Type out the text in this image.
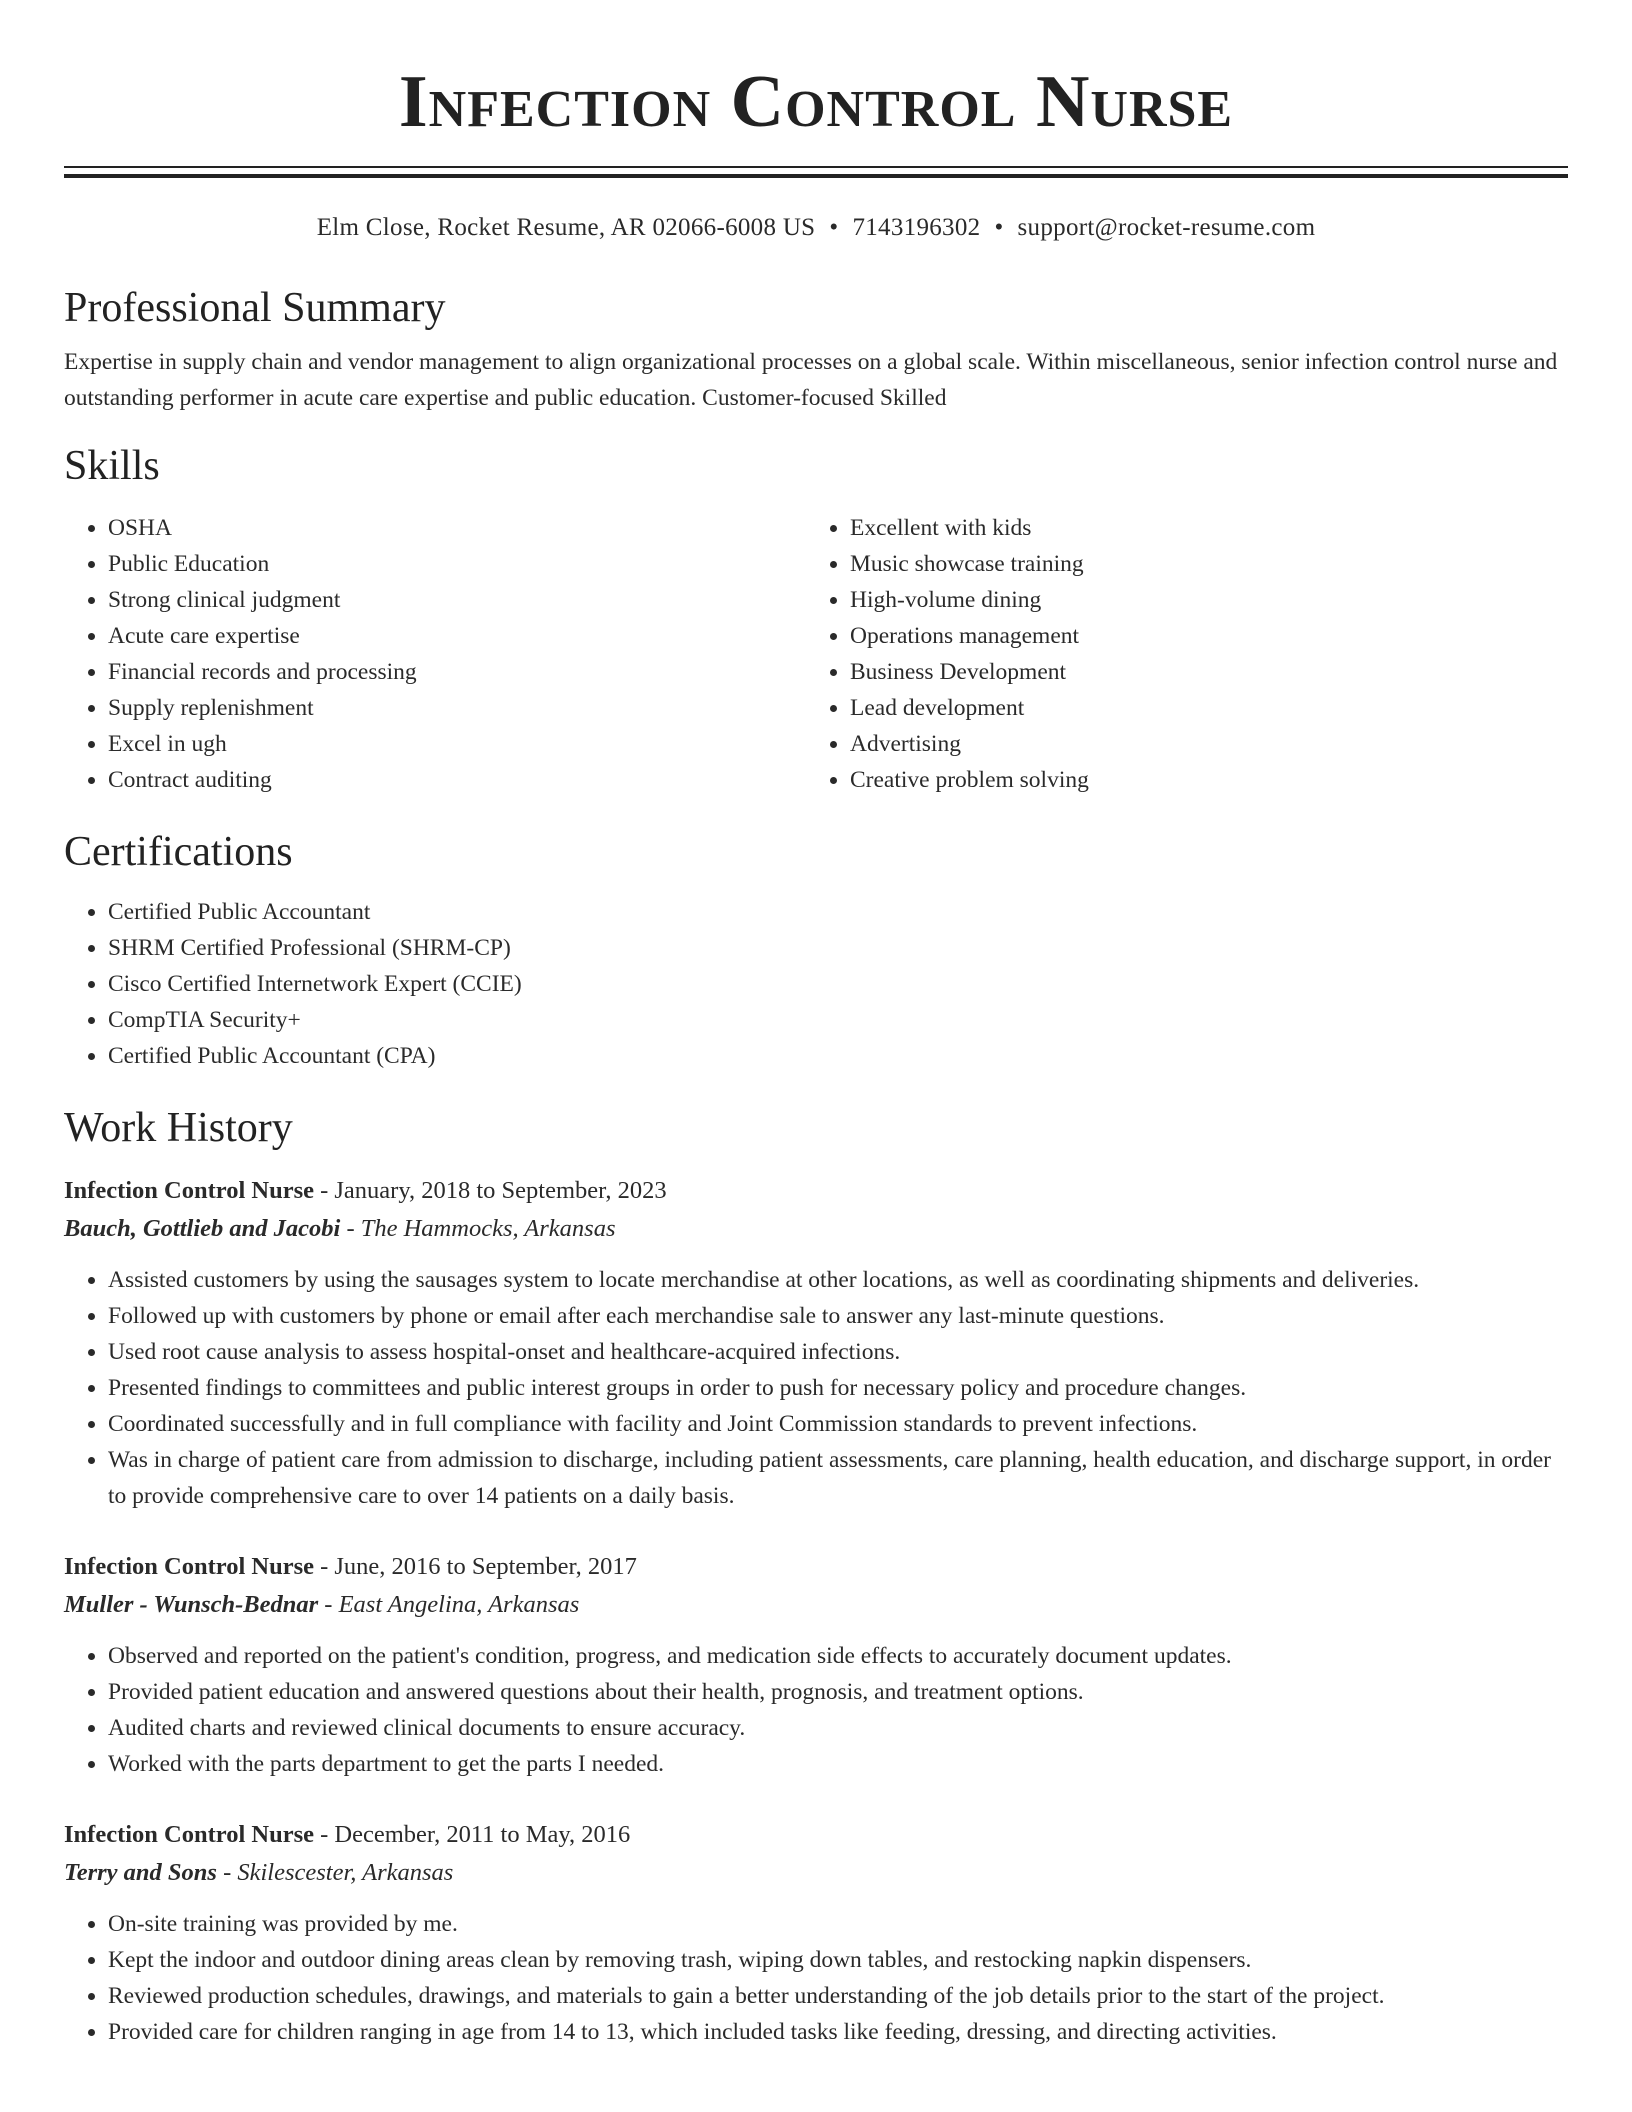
Infection Control Nurse
Elm Close, Rocket Resume, AR 02066-6008 US • 7143196302 • support@rocket-resume.com
Professional Summary

Expertise in supply chain and vendor management to align organizational processes on a global scale. Within miscellaneous, senior infection control nurse and outstanding performer in acute care expertise and public education. Customer-focused Skilled

Skills
• OSHA
• Public Education
• Strong clinical judgment
• Acute care expertise
• Financial records and processing
• Supply replenishment
• Excel in ugh
• Contract auditing
• Excellent with kids
• Music showcase training
• High-volume dining
• Operations management
• Business Development
• Lead development
• Advertising
• Creative problem solving
Certifications
• Certified Public Accountant
• SHRM Certified Professional (SHRM-CP)
• Cisco Certified Internetwork Expert (CCIE)
• CompTIA Security+
• Certified Public Accountant (CPA)
Work History
Infection Control Nurse - January, 2018 to September, 2023
Bauch, Gottlieb and Jacobi - The Hammocks, Arkansas
• Assisted customers by using the sausages system to locate merchandise at other locations, as well as coordinating shipments and deliveries.
• Followed up with customers by phone or email after each merchandise sale to answer any last-minute questions.
• Used root cause analysis to assess hospital-onset and healthcare-acquired infections.
• Presented findings to committees and public interest groups in order to push for necessary policy and procedure changes.
• Coordinated successfully and in full compliance with facility and Joint Commission standards to prevent infections.
• Was in charge of patient care from admission to discharge, including patient assessments, care planning, health education, and discharge support, in order to provide comprehensive care to over 14 patients on a daily basis.
Infection Control Nurse - June, 2016 to September, 2017
Muller - Wunsch-Bednar - East Angelina, Arkansas
• Observed and reported on the patient's condition, progress, and medication side effects to accurately document updates.
• Provided patient education and answered questions about their health, prognosis, and treatment options.
• Audited charts and reviewed clinical documents to ensure accuracy.
• Worked with the parts department to get the parts I needed.
Infection Control Nurse - December, 2011 to May, 2016
Terry and Sons - Skilescester, Arkansas
• On-site training was provided by me.
• Kept the indoor and outdoor dining areas clean by removing trash, wiping down tables, and restocking napkin dispensers.
• Reviewed production schedules, drawings, and materials to gain a better understanding of the job details prior to the start of the project.
• Provided care for children ranging in age from 14 to 13, which included tasks like feeding, dressing, and directing activities.
